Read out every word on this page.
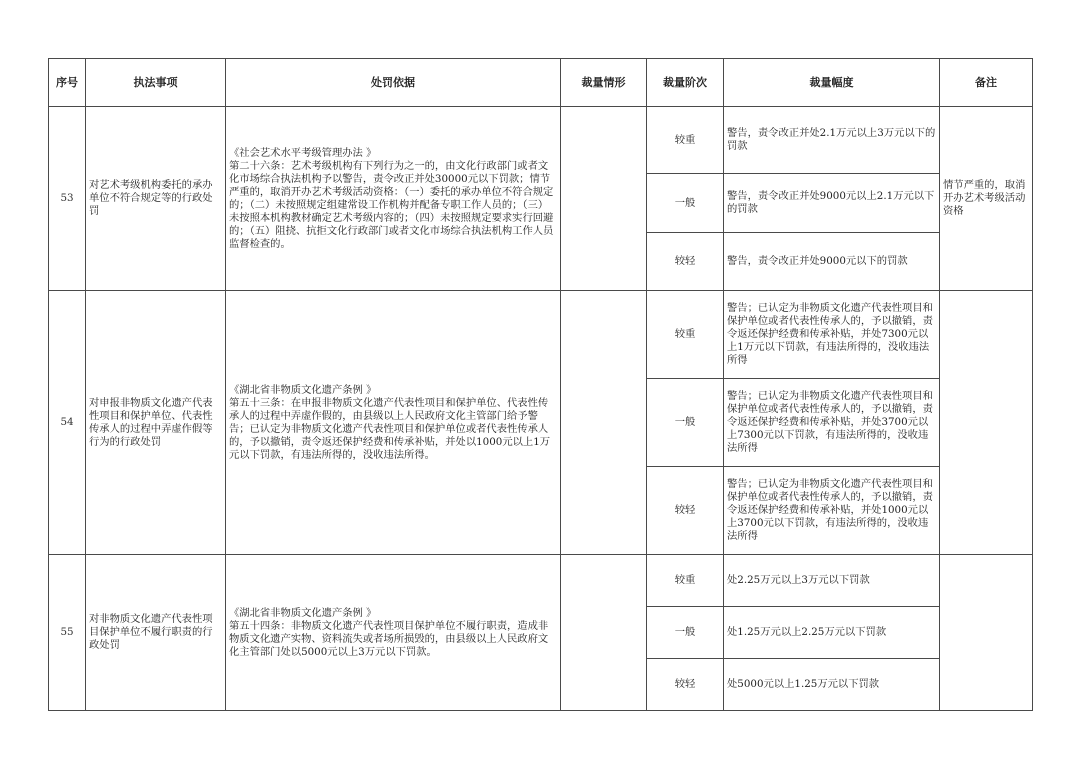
序号	执法事项	处罚依据	裁量情形	裁量阶次	裁量幅度	备注
53	对艺术考级机构委托的承办单位不符合规定等的行政处罚	《社会艺术水平考级管理办法 》
第二十六条：艺术考级机构有下列行为之一的，由文化行政部门或者文化市场综合执法机构予以警告，责令改正并处30000元以下罚款；情节严重的，取消开办艺术考级活动资格：（一）委托的承办单位不符合规定的；（二）未按照规定组建常设工作机构并配备专职工作人员的；（三）未按照本机构教材确定艺术考级内容的；（四）未按照规定要求实行回避的；（五）阻挠、抗拒文化行政部门或者文化市场综合执法机构工作人员监督检查的。		较重	警告，责令改正并处2.1万元以上3万元以下的罚款	情节严重的，取消开办艺术考级活动资格
				一般	警告，责令改正并处9000元以上2.1万元以下的罚款	
				较轻	警告，责令改正并处9000元以下的罚款	
54	对申报非物质文化遗产代表性项目和保护单位、代表性传承人的过程中弄虚作假等行为的行政处罚	《湖北省非物质文化遗产条例 》
第五十三条：在申报非物质文化遗产代表性项目和保护单位、代表性传承人的过程中弄虚作假的，由县级以上人民政府文化主管部门给予警告；已认定为非物质文化遗产代表性项目和保护单位或者代表性传承人的，予以撤销，责令返还保护经费和传承补贴，并处以1000元以上1万元以下罚款，有违法所得的，没收违法所得。		较重	警告；已认定为非物质文化遗产代表性项目和保护单位或者代表性传承人的，予以撤销，责令返还保护经费和传承补贴，并处7300元以上1万元以下罚款，有违法所得的，没收违法所得	
				一般	警告；已认定为非物质文化遗产代表性项目和保护单位或者代表性传承人的，予以撤销，责令返还保护经费和传承补贴，并处3700元以上7300元以下罚款，有违法所得的，没收违法所得	
				较轻	警告；已认定为非物质文化遗产代表性项目和保护单位或者代表性传承人的，予以撤销，责令返还保护经费和传承补贴，并处1000元以上3700元以下罚款，有违法所得的，没收违法所得	
55	对非物质文化遗产代表性项目保护单位不履行职责的行政处罚	《湖北省非物质文化遗产条例 》
第五十四条：非物质文化遗产代表性项目保护单位不履行职责，造成非物质文化遗产实物、资料流失或者场所损毁的，由县级以上人民政府文化主管部门处以5000元以上3万元以下罚款。		较重	处2.25万元以上3万元以下罚款	
				一般	处1.25万元以上2.25万元以下罚款	
				较轻	处5000元以上1.25万元以下罚款	
